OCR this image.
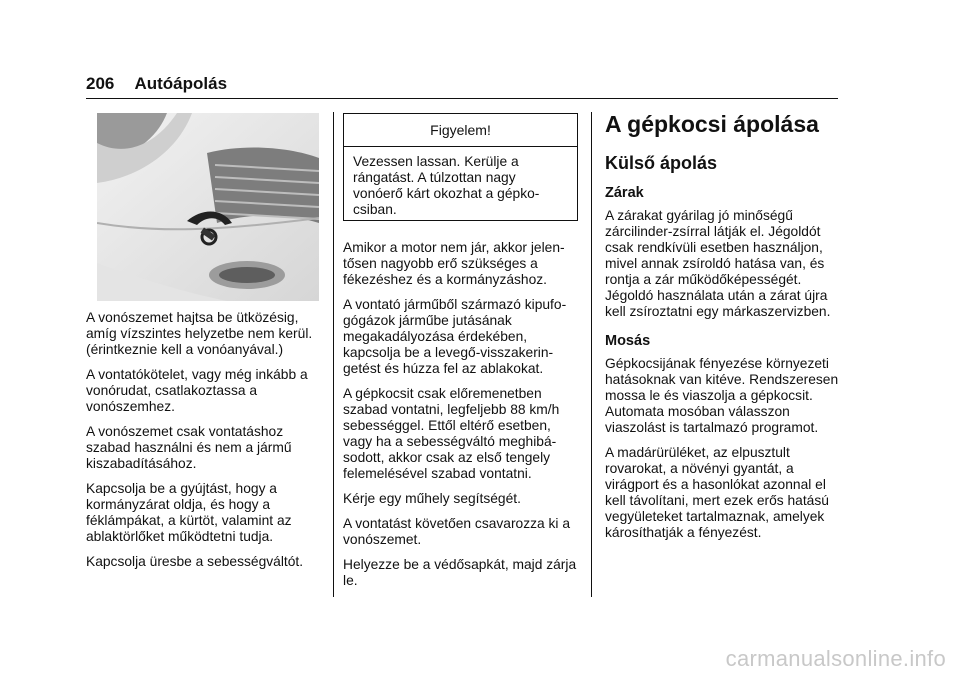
206 Autóápolás

A vonószemet hajtsa be ütközésig, amíg vízszintes helyzetbe nem kerül. (érintkeznie kell a vonóanyával.)

A vontatókötelet, vagy még inkább a vonórudat, csatlakoztassa a vonószemhez.

A vonószemet csak vontatáshoz szabad használni és nem a jármű kiszabadításához.

Kapcsolja be a gyújtást, hogy a kormányzárat oldja, és hogy a féklámpákat, a kürtöt, valamint az ablaktörlőket működtetni tudja.

Kapcsolja üresbe a sebességváltót.

Figyelem!
Vezessen lassan. Kerülje a rángatást. A túlzottan nagy vonóerő kárt okozhat a gépkocsiban.

Amikor a motor nem jár, akkor jelentősen nagyobb erő szükséges a fékezéshez és a kormányzáshoz.

A vontató járműből származó kipufogógázok járműbe jutásának megakadályozása érdekében, kapcsolja be a levegő-visszakeringetést és húzza fel az ablakokat.

A gépkocsit csak előremenetben szabad vontatni, legfeljebb 88 km/h sebességgel. Ettől eltérő esetben, vagy ha a sebességváltó meghibásodott, akkor csak az első tengely felemelésével szabad vontatni.

Kérje egy műhely segítségét.

A vontatást követően csavarozza ki a vonószemet.

Helyezze be a védősapkát, majd zárja le.

A gépkocsi ápolása
Külső ápolás
Zárak

A zárakat gyárilag jó minőségű zárcilinder-zsírral látják el. Jégoldót csak rendkívüli esetben használjon, mivel annak zsíroldó hatása van, és rontja a zár működőképességét. Jégoldó használata után a zárat újra kell zsíroztatni egy márkaszervizben.

Mosás

Gépkocsijának fényezése környezeti hatásoknak van kitéve. Rendszeresen mossa le és viaszolja a gépkocsit. Automata mosóban válasszon viaszolást is tartalmazó programot.

A madárürüléket, az elpusztult rovarokat, a növényi gyantát, a virágport és a hasonlókat azonnal el kell távolítani, mert ezek erős hatású vegyületeket tartalmaznak, amelyek károsíthatják a fényezést.

carmanualsonline.info
